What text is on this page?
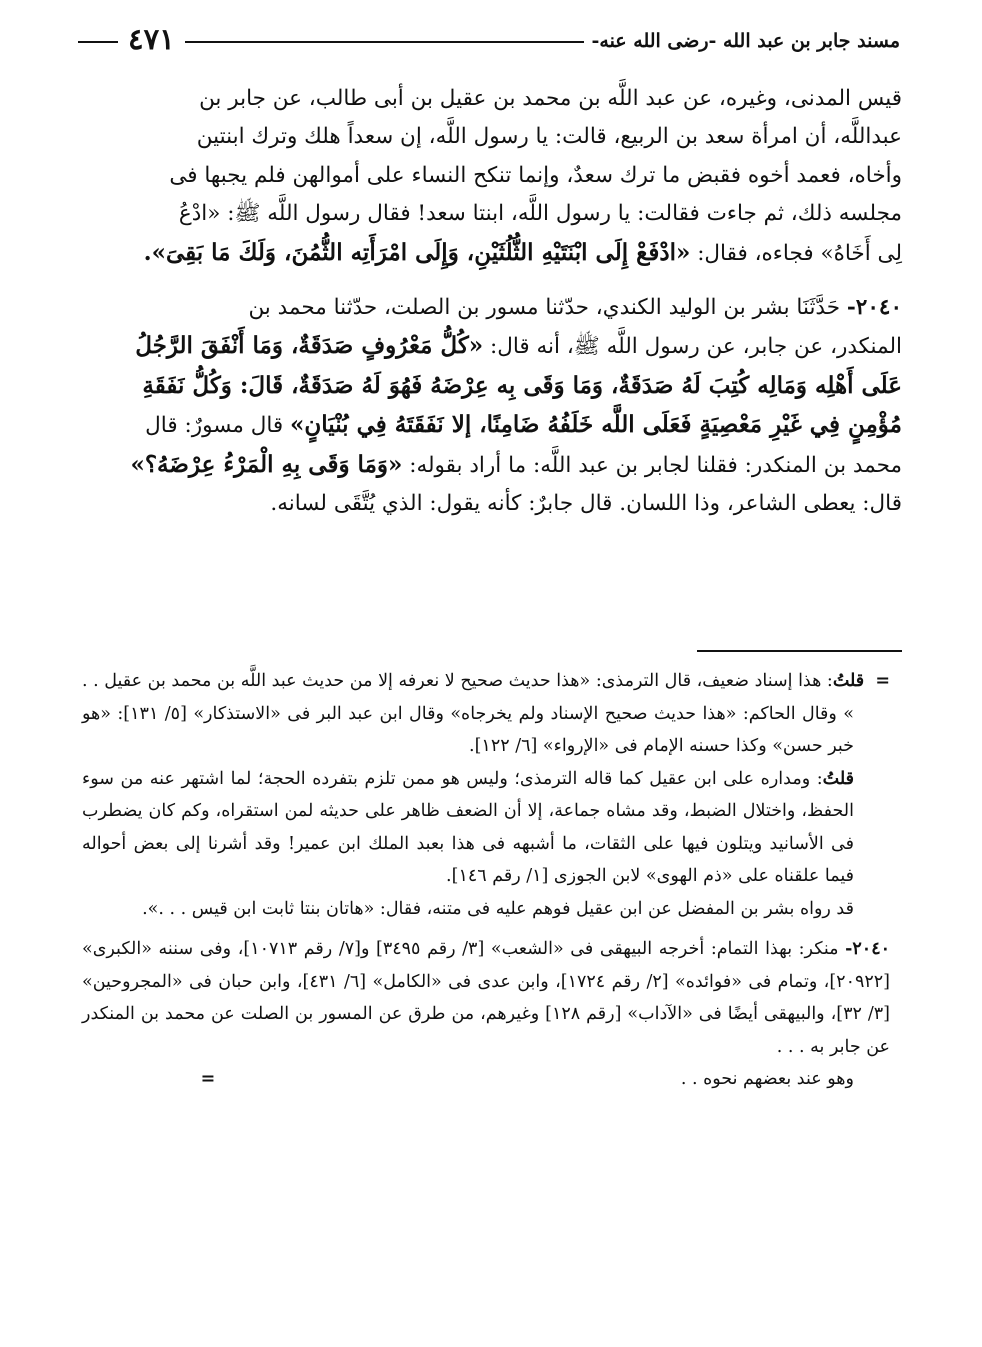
مسند جابر بن عبد الله -رضى الله عنه-
٤٧١

قيس المدنى، وغيره، عن عبد اللَّه بن محمد بن عقيل بن أبى طالب، عن جابر بن

عبداللَّه، أن امرأة سعد بن الربيع، قالت: يا رسول اللَّه، إن سعداً هلك وترك ابنتين

وأخاه، فعمد أخوه فقبض ما ترك سعدٌ، وإنما تنكح النساء على أموالهن فلم يجبها فى

مجلسه ذلك، ثم جاءت فقالت: يا رسول اللَّه، ابنتا سعد! فقال رسول اللَّه ﷺ: «ادْعُ

لِى أَخَاهُ» فجاءه، فقال: «ادْفَعْ إِلَى ابْنَتَيْهِ الثُّلُثَيْنِ، وَإِلَى امْرَأَتِه الثُّمُنَ، وَلَكَ مَا بَقِىَ».

٢٠٤٠- حَدَّثَنَا بشر بن الوليد الكندي، حدّثنا مسور بن الصلت، حدّثنا محمد بن

المنكدر، عن جابر، عن رسول اللَّه ﷺ، أنه قال: «كُلُّ مَعْرُوفٍ صَدَقَةٌ، وَمَا أَنْفَقَ الرَّجُلُ

عَلَى أَهْلِه وَمَالِه كُتِبَ لَهُ صَدَقَةٌ، وَمَا وَقَى بِه عِرْضَهُ فَهُوَ لَهُ صَدَقَةٌ، قَالَ: وَكُلُّ نَفَقَةِ

مُؤْمِنٍ فِي غَيْرِ مَعْصِيَةٍ فَعَلَى اللَّه خَلَفُهُ ضَامِنًا، إلا نَفَقَتَهُ فِي بُنْيَانٍ» قال مسورٌ: قال

محمد بن المنكدر: فقلنا لجابر بن عبد اللَّه: ما أراد بقوله: «وَمَا وَقَى بِهِ الْمَرْءُ عِرْضَهُ؟»

قال: يعطى الشاعر، وذا اللسان. قال جابرٌ: كأنه يقول: الذي يُتَّقَى لسانه.

=  قلتُ: هذا إسناد ضعيف، قال الترمذى: «هذا حديث صحيح لا نعرفه إلا من حديث عبد اللَّه بن محمد بن عقيل . . » وقال الحاكم: «هذا حديث صحيح الإسناد ولم يخرجاه» وقال ابن عبد البر فى «الاستذكار» [٥/ ١٣١]: «هو خبر حسن» وكذا حسنه الإمام فى «الإرواء» [٦/ ١٢٢].

قلتُ: ومداره على ابن عقيل كما قاله الترمذى؛ وليس هو ممن تلزم بتفرده الحجة؛ لما اشتهر عنه من سوء الحفظ، واختلال الضبط، وقد مشاه جماعة، إلا أن الضعف ظاهر على حديثه لمن استقراه، وكم كان يضطرب فى الأسانيد ويتلون فيها على الثقات، ما أشبهه فى هذا بعبد الملك ابن عمير! وقد أشرنا إلى بعض أحواله فيما علقناه على «ذم الهوى» لابن الجوزى [١/ رقم ١٤٦].

قد رواه بشر بن المفضل عن ابن عقيل فوهم عليه فى متنه، فقال: «هاتان بنتا ثابت ابن قيس . . .».

٢٠٤٠- منكر: بهذا التمام: أخرجه البيهقى فى «الشعب» [٣/ رقم ٣٤٩٥] و[٧/ رقم ١٠٧١٣]، وفى سننه «الكبرى» [٢٠٩٢٢]، وتمام فى «فوائده» [٢/ رقم ١٧٢٤]، وابن عدى فى «الكامل» [٦/ ٤٣١]، وابن حبان فى «المجروحين» [٣/ ٣٢]، والبيهقى أيضًا فى «الآداب» [رقم ١٢٨] وغيرهم، من طرق عن المسور بن الصلت عن محمد بن المنكدر عن جابر به . . .

وهو عند بعضهم نحوه . . =
